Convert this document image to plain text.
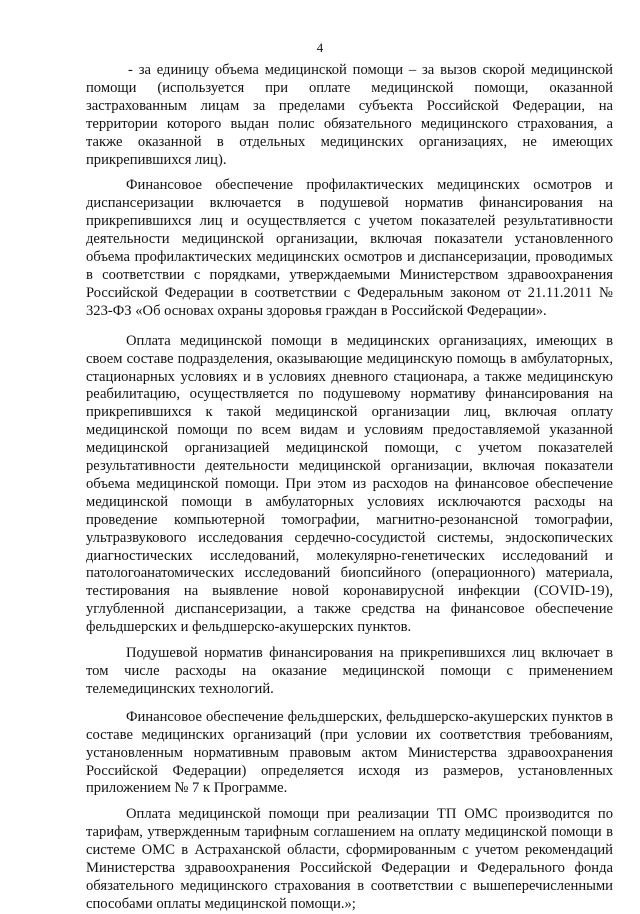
4

- за единицу объема медицинской помощи – за вызов скорой медицинской помощи (используется при оплате медицинской помощи, оказанной застрахованным лицам за пределами субъекта Российской Федерации, на территории которого выдан полис обязательного медицинского страхования, а также оказанной в отдельных медицинских организациях, не имеющих прикрепившихся лиц).

Финансовое обеспечение профилактических медицинских осмотров и диспансеризации включается в подушевой норматив финансирования на прикрепившихся лиц и осуществляется с учетом показателей результативности деятельности медицинской организации, включая показатели установленного объема профилактических медицинских осмотров и диспансеризации, проводимых в соответствии с порядками, утверждаемыми Министерством здравоохранения Российской Федерации в соответствии с Федеральным законом от 21.11.2011 № 323-ФЗ «Об основах охраны здоровья граждан в Российской Федерации».

Оплата медицинской помощи в медицинских организациях, имеющих в своем составе подразделения, оказывающие медицинскую помощь в амбулаторных, стационарных условиях и в условиях дневного стационара, а также медицинскую реабилитацию, осуществляется по подушевому нормативу финансирования на прикрепившихся к такой медицинской организации лиц, включая оплату медицинской помощи по всем видам и условиям предоставляемой указанной медицинской организацией медицинской помощи, с учетом показателей результативности деятельности медицинской организации, включая показатели объема медицинской помощи. При этом из расходов на финансовое обеспечение медицинской помощи в амбулаторных условиях исключаются расходы на проведение компьютерной томографии, магнитно-резонансной томографии, ультразвукового исследования сердечно-сосудистой системы, эндоскопических диагностических исследований, молекулярно-генетических исследований и патологоанатомических исследований биопсийного (операционного) материала, тестирования на выявление новой коронавирусной инфекции (COVID-19), углубленной диспансеризации, а также средства на финансовое обеспечение фельдшерских и фельдшерско-акушерских пунктов.

Подушевой норматив финансирования на прикрепившихся лиц включает в том числе расходы на оказание медицинской помощи с применением телемедицинских технологий.

Финансовое обеспечение фельдшерских, фельдшерско-акушерских пунктов в составе медицинских организаций (при условии их соответствия требованиям, установленным нормативным правовым актом Министерства здравоохранения Российской Федерации) определяется исходя из размеров, установленных приложением № 7 к Программе.

Оплата медицинской помощи при реализации ТП ОМС производится по тарифам, утвержденным тарифным соглашением на оплату медицинской помощи в системе ОМС в Астраханской области, сформированным с учетом рекомендаций Министерства здравоохранения Российской Федерации и Федерального фонда обязательного медицинского страхования в соответствии с вышеперечисленными способами оплаты медицинской помощи.»;
